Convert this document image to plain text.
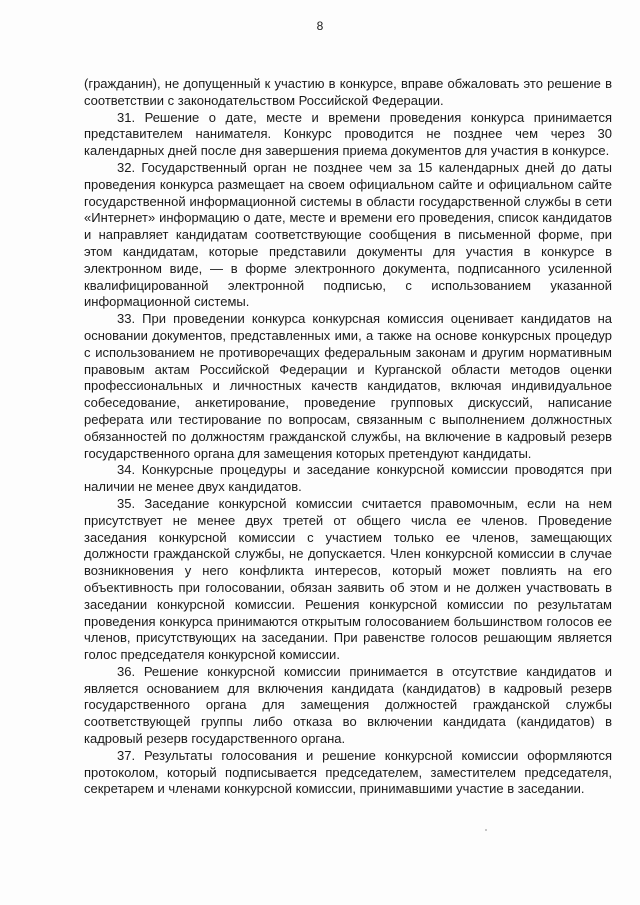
8

(гражданин), не допущенный к участию в конкурсе, вправе обжаловать это решение в соответствии с законодательством Российской Федерации.

31. Решение о дате, месте и времени проведения конкурса принимается представителем нанимателя. Конкурс проводится не позднее чем через 30 календарных дней после дня завершения приема документов для участия в конкурсе.

32. Государственный орган не позднее чем за 15 календарных дней до даты проведения конкурса размещает на своем официальном сайте и официальном сайте государственной информационной системы в области государственной службы в сети «Интернет» информацию о дате, месте и времени его проведения, список кандидатов и направляет кандидатам соответствующие сообщения в письменной форме, при этом кандидатам, которые представили документы для участия в конкурсе в электронном виде, — в форме электронного документа, подписанного усиленной квалифицированной электронной подписью, с использованием указанной информационной системы.

33. При проведении конкурса конкурсная комиссия оценивает кандидатов на основании документов, представленных ими, а также на основе конкурсных процедур с использованием не противоречащих федеральным законам и другим нормативным правовым актам Российской Федерации и Курганской области методов оценки профессиональных и личностных качеств кандидатов, включая индивидуальное собеседование, анкетирование, проведение групповых дискуссий, написание реферата или тестирование по вопросам, связанным с выполнением должностных обязанностей по должностям гражданской службы, на включение в кадровый резерв государственного органа для замещения которых претендуют кандидаты.

34. Конкурсные процедуры и заседание конкурсной комиссии проводятся при наличии не менее двух кандидатов.

35. Заседание конкурсной комиссии считается правомочным, если на нем присутствует не менее двух третей от общего числа ее членов. Проведение заседания конкурсной комиссии с участием только ее членов, замещающих должности гражданской службы, не допускается. Член конкурсной комиссии в случае возникновения у него конфликта интересов, который может повлиять на его объективность при голосовании, обязан заявить об этом и не должен участвовать в заседании конкурсной комиссии. Решения конкурсной комиссии по результатам проведения конкурса принимаются открытым голосованием большинством голосов ее членов, присутствующих на заседании. При равенстве голосов решающим является голос председателя конкурсной комиссии.

36. Решение конкурсной комиссии принимается в отсутствие кандидатов и является основанием для включения кандидата (кандидатов) в кадровый резерв государственного органа для замещения должностей гражданской службы соответствующей группы либо отказа во включении кандидата (кандидатов) в кадровый резерв государственного органа.

37. Результаты голосования и решение конкурсной комиссии оформляются протоколом, который подписывается председателем, заместителем председателя, секретарем и членами конкурсной комиссии, принимавшими участие в заседании.
